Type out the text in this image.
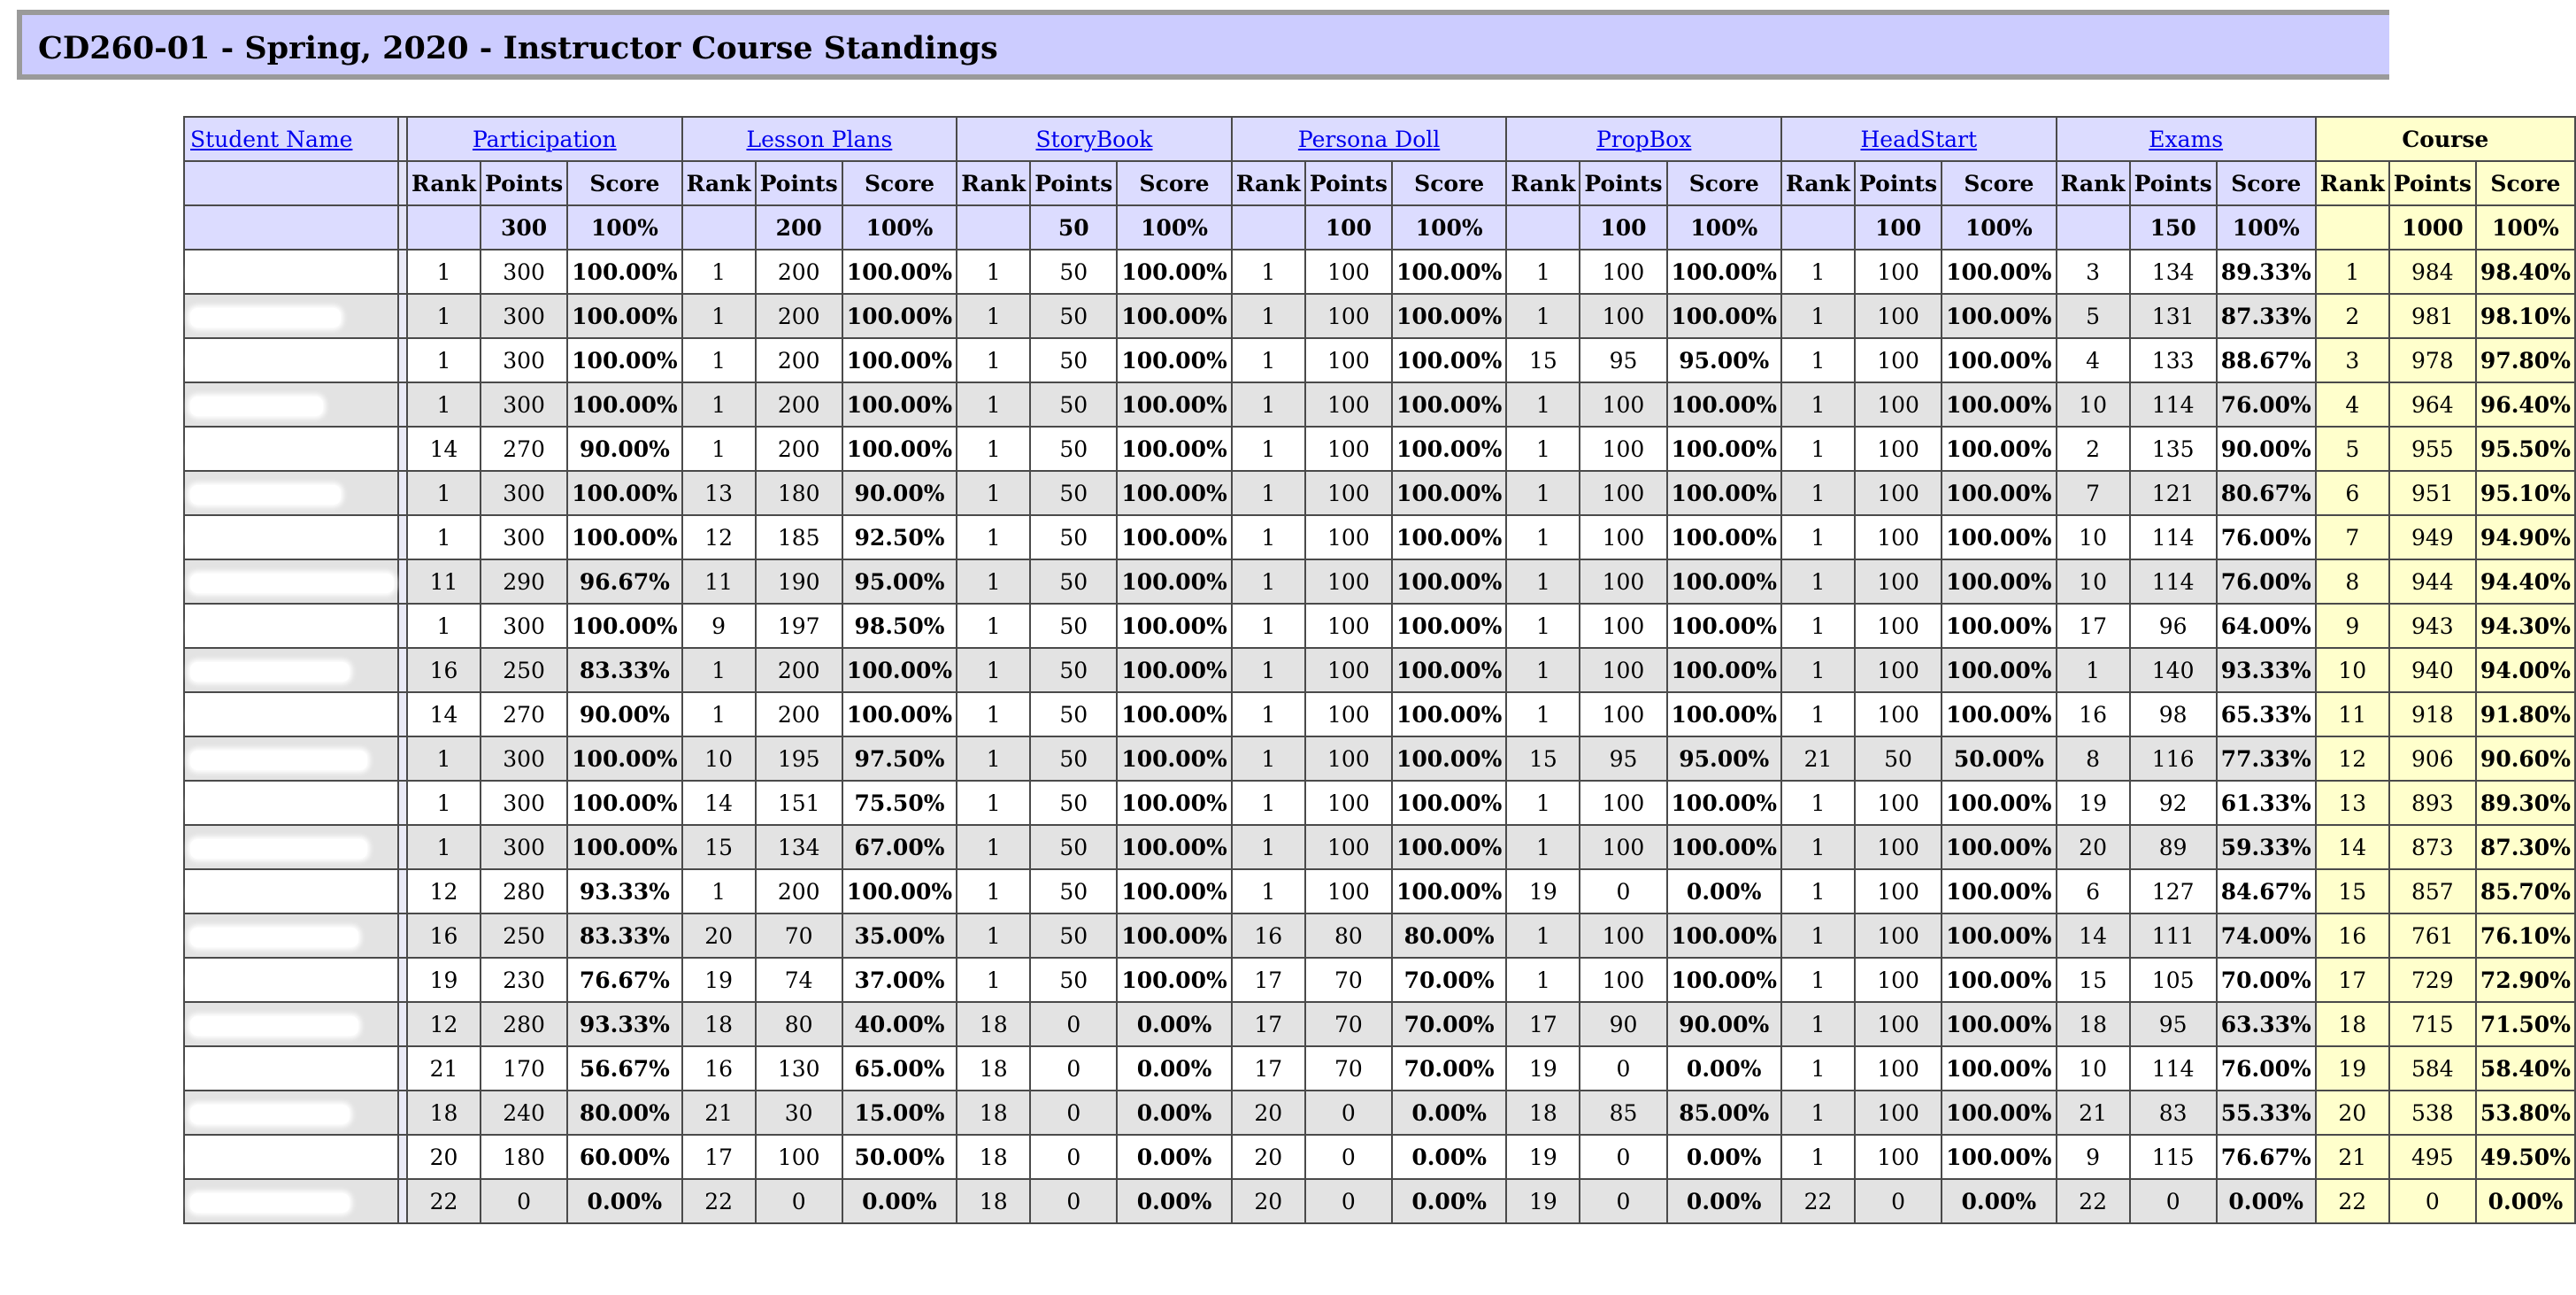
CD260-01 - Spring, 2020 - Instructor Course Standings
Student Name		Participation			Lesson Plans			StoryBook			Persona Doll			PropBox			HeadStart			Exams			Course		
		Rank	Points	Score	Rank	Points	Score	Rank	Points	Score	Rank	Points	Score	Rank	Points	Score	Rank	Points	Score	Rank	Points	Score	Rank	Points	Score
			300	100%		200	100%		50	100%		100	100%		100	100%		100	100%		150	100%		1000	100%
		1	300	100.00%	1	200	100.00%	1	50	100.00%	1	100	100.00%	1	100	100.00%	1	100	100.00%	3	134	89.33%	1	984	98.40%
		1	300	100.00%	1	200	100.00%	1	50	100.00%	1	100	100.00%	1	100	100.00%	1	100	100.00%	5	131	87.33%	2	981	98.10%
		1	300	100.00%	1	200	100.00%	1	50	100.00%	1	100	100.00%	15	95	95.00%	1	100	100.00%	4	133	88.67%	3	978	97.80%
		1	300	100.00%	1	200	100.00%	1	50	100.00%	1	100	100.00%	1	100	100.00%	1	100	100.00%	10	114	76.00%	4	964	96.40%
		14	270	90.00%	1	200	100.00%	1	50	100.00%	1	100	100.00%	1	100	100.00%	1	100	100.00%	2	135	90.00%	5	955	95.50%
		1	300	100.00%	13	180	90.00%	1	50	100.00%	1	100	100.00%	1	100	100.00%	1	100	100.00%	7	121	80.67%	6	951	95.10%
		1	300	100.00%	12	185	92.50%	1	50	100.00%	1	100	100.00%	1	100	100.00%	1	100	100.00%	10	114	76.00%	7	949	94.90%
		11	290	96.67%	11	190	95.00%	1	50	100.00%	1	100	100.00%	1	100	100.00%	1	100	100.00%	10	114	76.00%	8	944	94.40%
		1	300	100.00%	9	197	98.50%	1	50	100.00%	1	100	100.00%	1	100	100.00%	1	100	100.00%	17	96	64.00%	9	943	94.30%
		16	250	83.33%	1	200	100.00%	1	50	100.00%	1	100	100.00%	1	100	100.00%	1	100	100.00%	1	140	93.33%	10	940	94.00%
		14	270	90.00%	1	200	100.00%	1	50	100.00%	1	100	100.00%	1	100	100.00%	1	100	100.00%	16	98	65.33%	11	918	91.80%
		1	300	100.00%	10	195	97.50%	1	50	100.00%	1	100	100.00%	15	95	95.00%	21	50	50.00%	8	116	77.33%	12	906	90.60%
		1	300	100.00%	14	151	75.50%	1	50	100.00%	1	100	100.00%	1	100	100.00%	1	100	100.00%	19	92	61.33%	13	893	89.30%
		1	300	100.00%	15	134	67.00%	1	50	100.00%	1	100	100.00%	1	100	100.00%	1	100	100.00%	20	89	59.33%	14	873	87.30%
		12	280	93.33%	1	200	100.00%	1	50	100.00%	1	100	100.00%	19	0	0.00%	1	100	100.00%	6	127	84.67%	15	857	85.70%
		16	250	83.33%	20	70	35.00%	1	50	100.00%	16	80	80.00%	1	100	100.00%	1	100	100.00%	14	111	74.00%	16	761	76.10%
		19	230	76.67%	19	74	37.00%	1	50	100.00%	17	70	70.00%	1	100	100.00%	1	100	100.00%	15	105	70.00%	17	729	72.90%
		12	280	93.33%	18	80	40.00%	18	0	0.00%	17	70	70.00%	17	90	90.00%	1	100	100.00%	18	95	63.33%	18	715	71.50%
		21	170	56.67%	16	130	65.00%	18	0	0.00%	17	70	70.00%	19	0	0.00%	1	100	100.00%	10	114	76.00%	19	584	58.40%
		18	240	80.00%	21	30	15.00%	18	0	0.00%	20	0	0.00%	18	85	85.00%	1	100	100.00%	21	83	55.33%	20	538	53.80%
		20	180	60.00%	17	100	50.00%	18	0	0.00%	20	0	0.00%	19	0	0.00%	1	100	100.00%	9	115	76.67%	21	495	49.50%
		22	0	0.00%	22	0	0.00%	18	0	0.00%	20	0	0.00%	19	0	0.00%	22	0	0.00%	22	0	0.00%	22	0	0.00%
